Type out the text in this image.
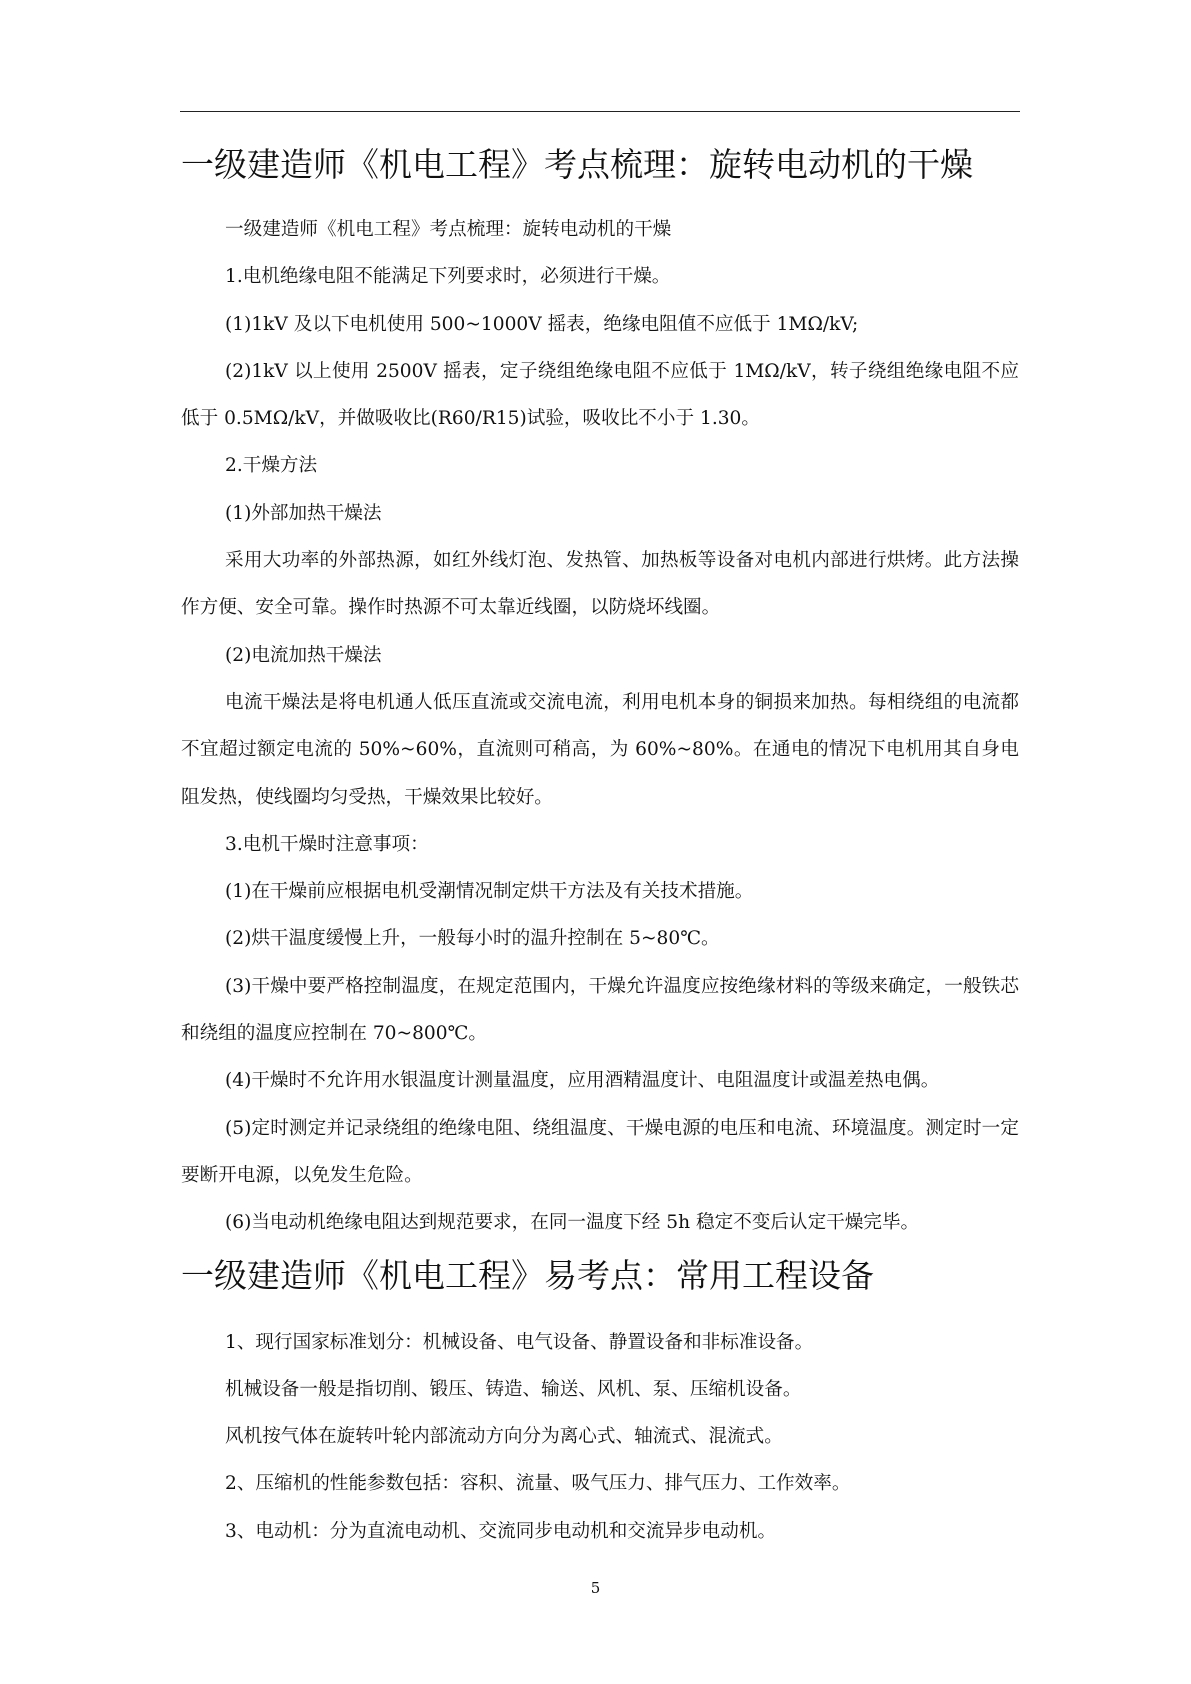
一级建造师《机电工程》考点梳理：旋转电动机的干燥

一级建造师《机电工程》考点梳理：旋转电动机的干燥

1.电机绝缘电阻不能满足下列要求时，必须进行干燥。

(1)1kV 及以下电机使用 500~1000V 摇表，绝缘电阻值不应低于 1MΩ/kV;

(2)1kV 以上使用 2500V 摇表，定子绕组绝缘电阻不应低于 1MΩ/kV，转子绕组绝缘电阻不应低于 0.5MΩ/kV，并做吸收比(R60/R15)试验，吸收比不小于 1.30。

2.干燥方法

(1)外部加热干燥法

采用大功率的外部热源，如红外线灯泡、发热管、加热板等设备对电机内部进行烘烤。此方法操作方便、安全可靠。操作时热源不可太靠近线圈，以防烧坏线圈。

(2)电流加热干燥法

电流干燥法是将电机通人低压直流或交流电流，利用电机本身的铜损来加热。每相绕组的电流都不宜超过额定电流的 50%~60%，直流则可稍高，为 60%~80%。在通电的情况下电机用其自身电阻发热，使线圈均匀受热，干燥效果比较好。

3.电机干燥时注意事项：

(1)在干燥前应根据电机受潮情况制定烘干方法及有关技术措施。

(2)烘干温度缓慢上升，一般每小时的温升控制在 5~80℃。

(3)干燥中要严格控制温度，在规定范围内，干燥允许温度应按绝缘材料的等级来确定，一般铁芯和绕组的温度应控制在 70~800℃。

(4)干燥时不允许用水银温度计测量温度，应用酒精温度计、电阻温度计或温差热电偶。

(5)定时测定并记录绕组的绝缘电阻、绕组温度、干燥电源的电压和电流、环境温度。测定时一定要断开电源，以免发生危险。

(6)当电动机绝缘电阻达到规范要求，在同一温度下经 5h 稳定不变后认定干燥完毕。

一级建造师《机电工程》易考点：常用工程设备

1、现行国家标准划分：机械设备、电气设备、静置设备和非标准设备。

机械设备一般是指切削、锻压、铸造、输送、风机、泵、压缩机设备。

风机按气体在旋转叶轮内部流动方向分为离心式、轴流式、混流式。

2、压缩机的性能参数包括：容积、流量、吸气压力、排气压力、工作效率。

3、电动机：分为直流电动机、交流同步电动机和交流异步电动机。

5
